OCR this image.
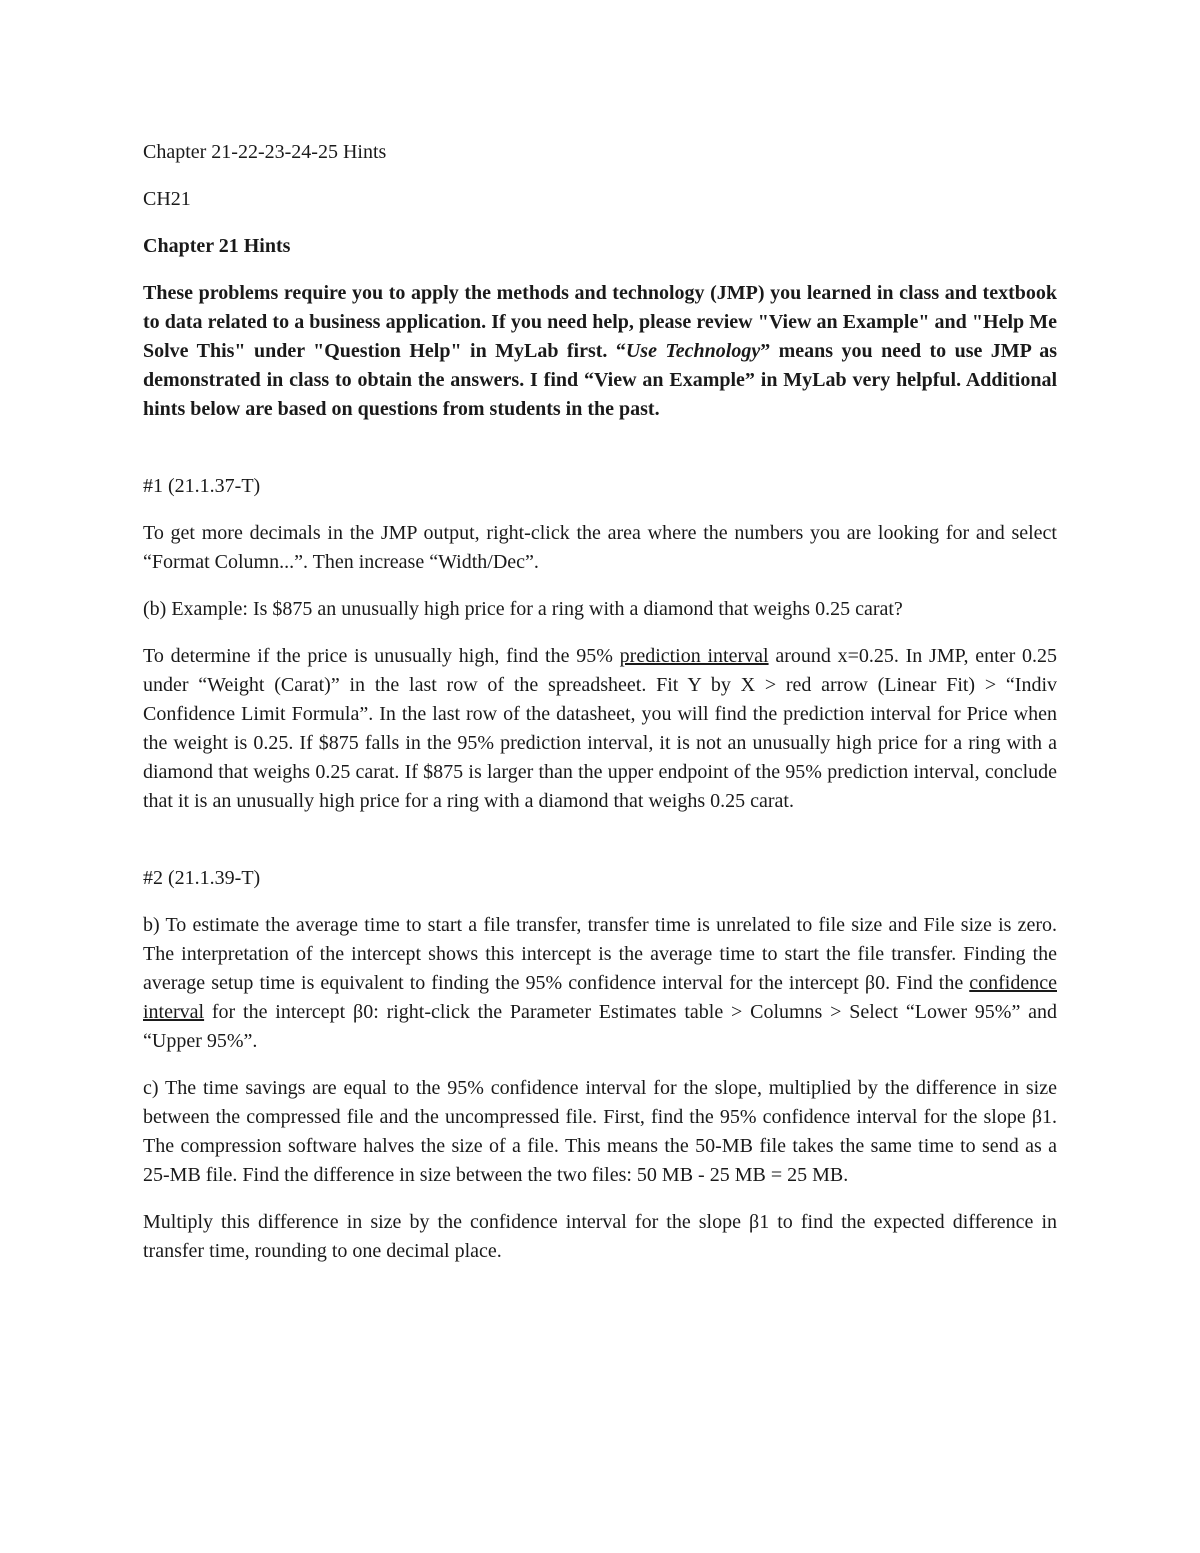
Chapter 21-22-23-24-25 Hints

CH21

Chapter 21 Hints

These problems require you to apply the methods and technology (JMP) you learned in class and textbook to data related to a business application. If you need help, please review "View an Example" and "Help Me Solve This" under "Question Help" in MyLab first. “Use Technology” means you need to use JMP as demonstrated in class to obtain the answers. I find “View an Example” in MyLab very helpful. Additional hints below are based on questions from students in the past.

#1 (21.1.37-T)

To get more decimals in the JMP output, right-click the area where the numbers you are looking for and select “Format Column...”. Then increase “Width/Dec”.

(b) Example: Is $875 an unusually high price for a ring with a diamond that weighs 0.25 carat?

To determine if the price is unusually high, find the 95% prediction interval around x=0.25. In JMP, enter 0.25 under “Weight (Carat)” in the last row of the spreadsheet. Fit Y by X > red arrow (Linear Fit) > “Indiv Confidence Limit Formula”. In the last row of the datasheet, you will find the prediction interval for Price when the weight is 0.25. If $875 falls in the 95% prediction interval, it is not an unusually high price for a ring with a diamond that weighs 0.25 carat. If $875 is larger than the upper endpoint of the 95% prediction interval, conclude that it is an unusually high price for a ring with a diamond that weighs 0.25 carat.

#2 (21.1.39-T)

b) To estimate the average time to start a file transfer, transfer time is unrelated to file size and File size is zero. The interpretation of the intercept shows this intercept is the average time to start the file transfer. Finding the average setup time is equivalent to finding the 95% confidence interval for the intercept β0. Find the confidence interval for the intercept β0: right-click the Parameter Estimates table > Columns > Select “Lower 95%” and “Upper 95%”.

c) The time savings are equal to the 95% confidence interval for the slope, multiplied by the difference in size between the compressed file and the uncompressed file. First, find the 95% confidence interval for the slope β1. The compression software halves the size of a file. This means the 50-MB file takes the same time to send as a 25-MB file. Find the difference in size between the two files: 50 MB - 25 MB = 25 MB.

Multiply this difference in size by the confidence interval for the slope β1 to find the expected difference in transfer time, rounding to one decimal place.
